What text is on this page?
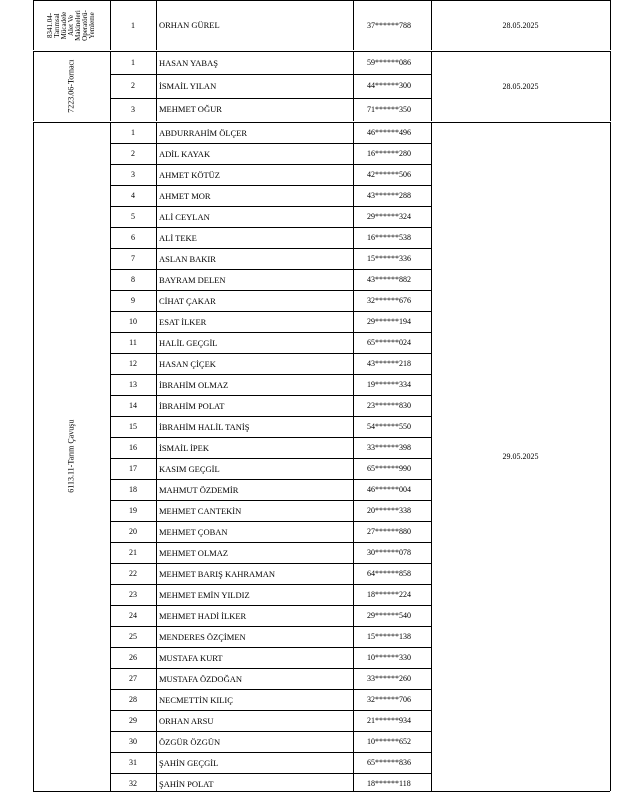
8341.04- Tarımsal Mücadele Alet Ve Makineleri Operatörü- Yemleme	1	ORHAN GÜREL	37******788	28.05.2025
7223.06-Tornacı	1	HASAN YABAŞ	59******086
2	İSMAİL YILAN	44******300
3	MEHMET OĞUR	71******350
28.05.2025
6113.11-Tarım Çavuşu
1	ABDURRAHİM ÖLÇER	46******496
2	ADİL KAYAK	16******280
3	AHMET KÖTÜZ	42******506
4	AHMET MOR	43******288
5	ALİ CEYLAN	29******324
6	ALİ TEKE	16******538
7	ASLAN BAKIR	15******336
8	BAYRAM DELEN	43******882
9	CİHAT ÇAKAR	32******676
10	ESAT İLKER	29******194
11	HALİL GEÇGİL	65******024
12	HASAN ÇİÇEK	43******218
13	İBRAHİM OLMAZ	19******334
14	İBRAHİM POLAT	23******830
15	İBRAHİM HALİL TANİŞ	54******550
16	İSMAİL İPEK	33******398
17	KASIM GEÇGİL	65******990
18	MAHMUT ÖZDEMİR	46******004
19	MEHMET CANTEKİN	20******338
20	MEHMET ÇOBAN	27******880
21	MEHMET OLMAZ	30******078
22	MEHMET BARIŞ KAHRAMAN	64******858
23	MEHMET EMİN YILDIZ	18******224
24	MEHMET HADİ İLKER	29******540
25	MENDERES ÖZÇİMEN	15******138
26	MUSTAFA KURT	10******330
27	MUSTAFA ÖZDOĞAN	33******260
28	NECMETTİN KILIÇ	32******706
29	ORHAN ARSU	21******934
30	ÖZGÜR ÖZGÜN	10******652
31	ŞAHİN GEÇGİL	65******836
32	ŞAHİN POLAT	18******118
29.05.2025
